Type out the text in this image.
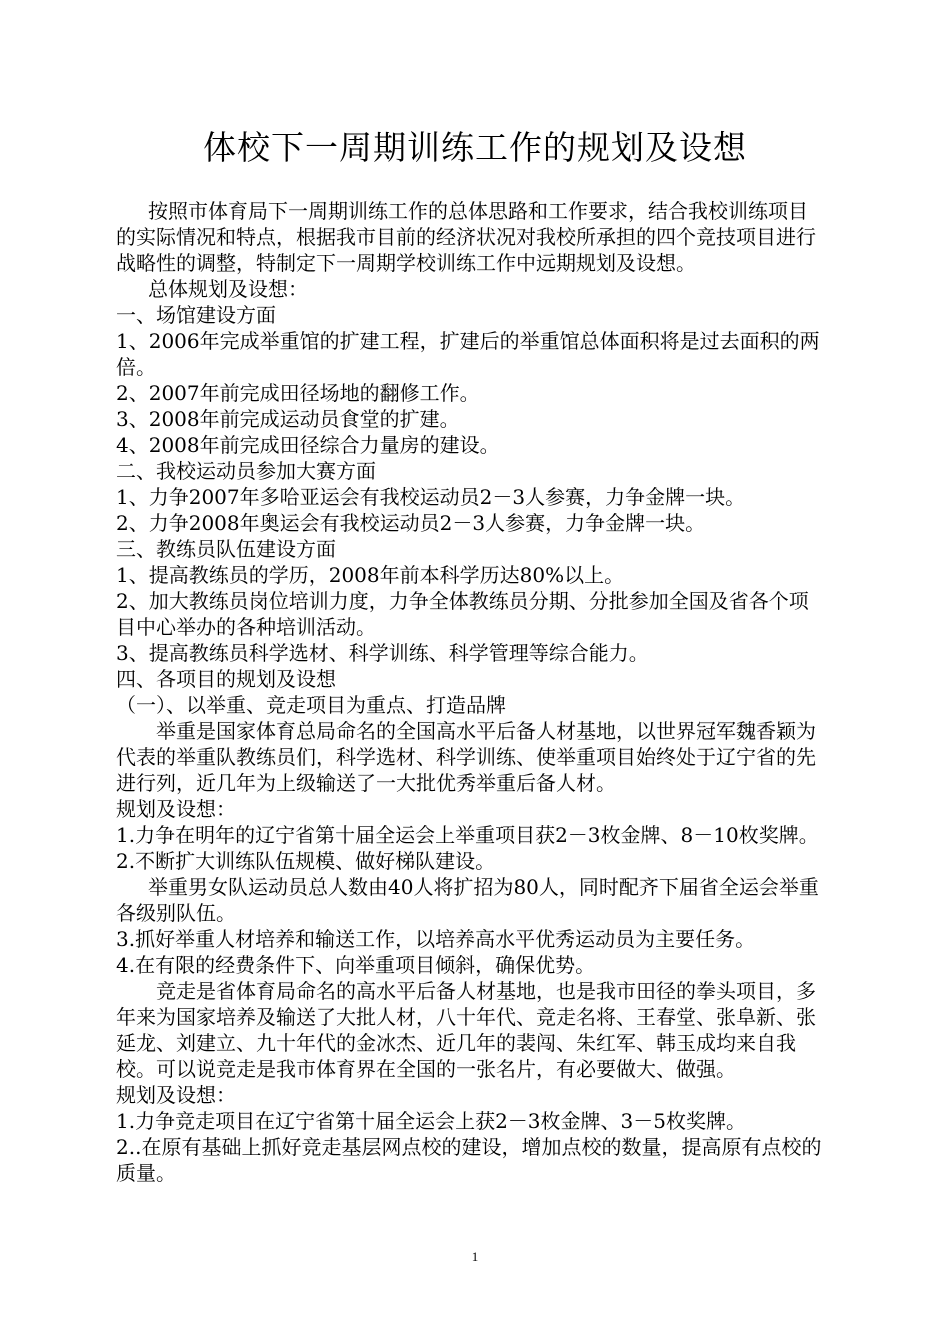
体校下一周期训练工作的规划及设想

按照市体育局下一周期训练工作的总体思路和工作要求，结合我校训练项目的实际情况和特点，根据我市目前的经济状况对我校所承担的四个竞技项目进行战略性的调整，特制定下一周期学校训练工作中远期规划及设想。

总体规划及设想：

一、场馆建设方面

1、2006年完成举重馆的扩建工程，扩建后的举重馆总体面积将是过去面积的两倍。

2、2007年前完成田径场地的翻修工作。

3、2008年前完成运动员食堂的扩建。

4、2008年前完成田径综合力量房的建设。

二、我校运动员参加大赛方面

1、力争2007年多哈亚运会有我校运动员2－3人参赛，力争金牌一块。

2、力争2008年奥运会有我校运动员2－3人参赛，力争金牌一块。

三、教练员队伍建设方面

1、提高教练员的学历，2008年前本科学历达80%以上。

2、加大教练员岗位培训力度，力争全体教练员分期、分批参加全国及省各个项目中心举办的各种培训活动。

3、提高教练员科学选材、科学训练、科学管理等综合能力。

四、各项目的规划及设想

（一）、以举重、竞走项目为重点、打造品牌

举重是国家体育总局命名的全国高水平后备人材基地，以世界冠军魏香颖为代表的举重队教练员们，科学选材、科学训练、使举重项目始终处于辽宁省的先进行列，近几年为上级输送了一大批优秀举重后备人材。

规划及设想：

1.力争在明年的辽宁省第十届全运会上举重项目获2－3枚金牌、8－10枚奖牌。

2.不断扩大训练队伍规模、做好梯队建设。

举重男女队运动员总人数由40人将扩招为80人，同时配齐下届省全运会举重各级别队伍。

3.抓好举重人材培养和输送工作，以培养高水平优秀运动员为主要任务。

4.在有限的经费条件下、向举重项目倾斜，确保优势。

竞走是省体育局命名的高水平后备人材基地，也是我市田径的拳头项目，多年来为国家培养及输送了大批人材，八十年代、竞走名将、王春堂、张阜新、张延龙、刘建立、九十年代的金冰杰、近几年的裴闯、朱红军、韩玉成均来自我校。可以说竞走是我市体育界在全国的一张名片，有必要做大、做强。

规划及设想：

1.力争竞走项目在辽宁省第十届全运会上获2－3枚金牌、3－5枚奖牌。

2..在原有基础上抓好竞走基层网点校的建设，增加点校的数量，提高原有点校的质量。

1
